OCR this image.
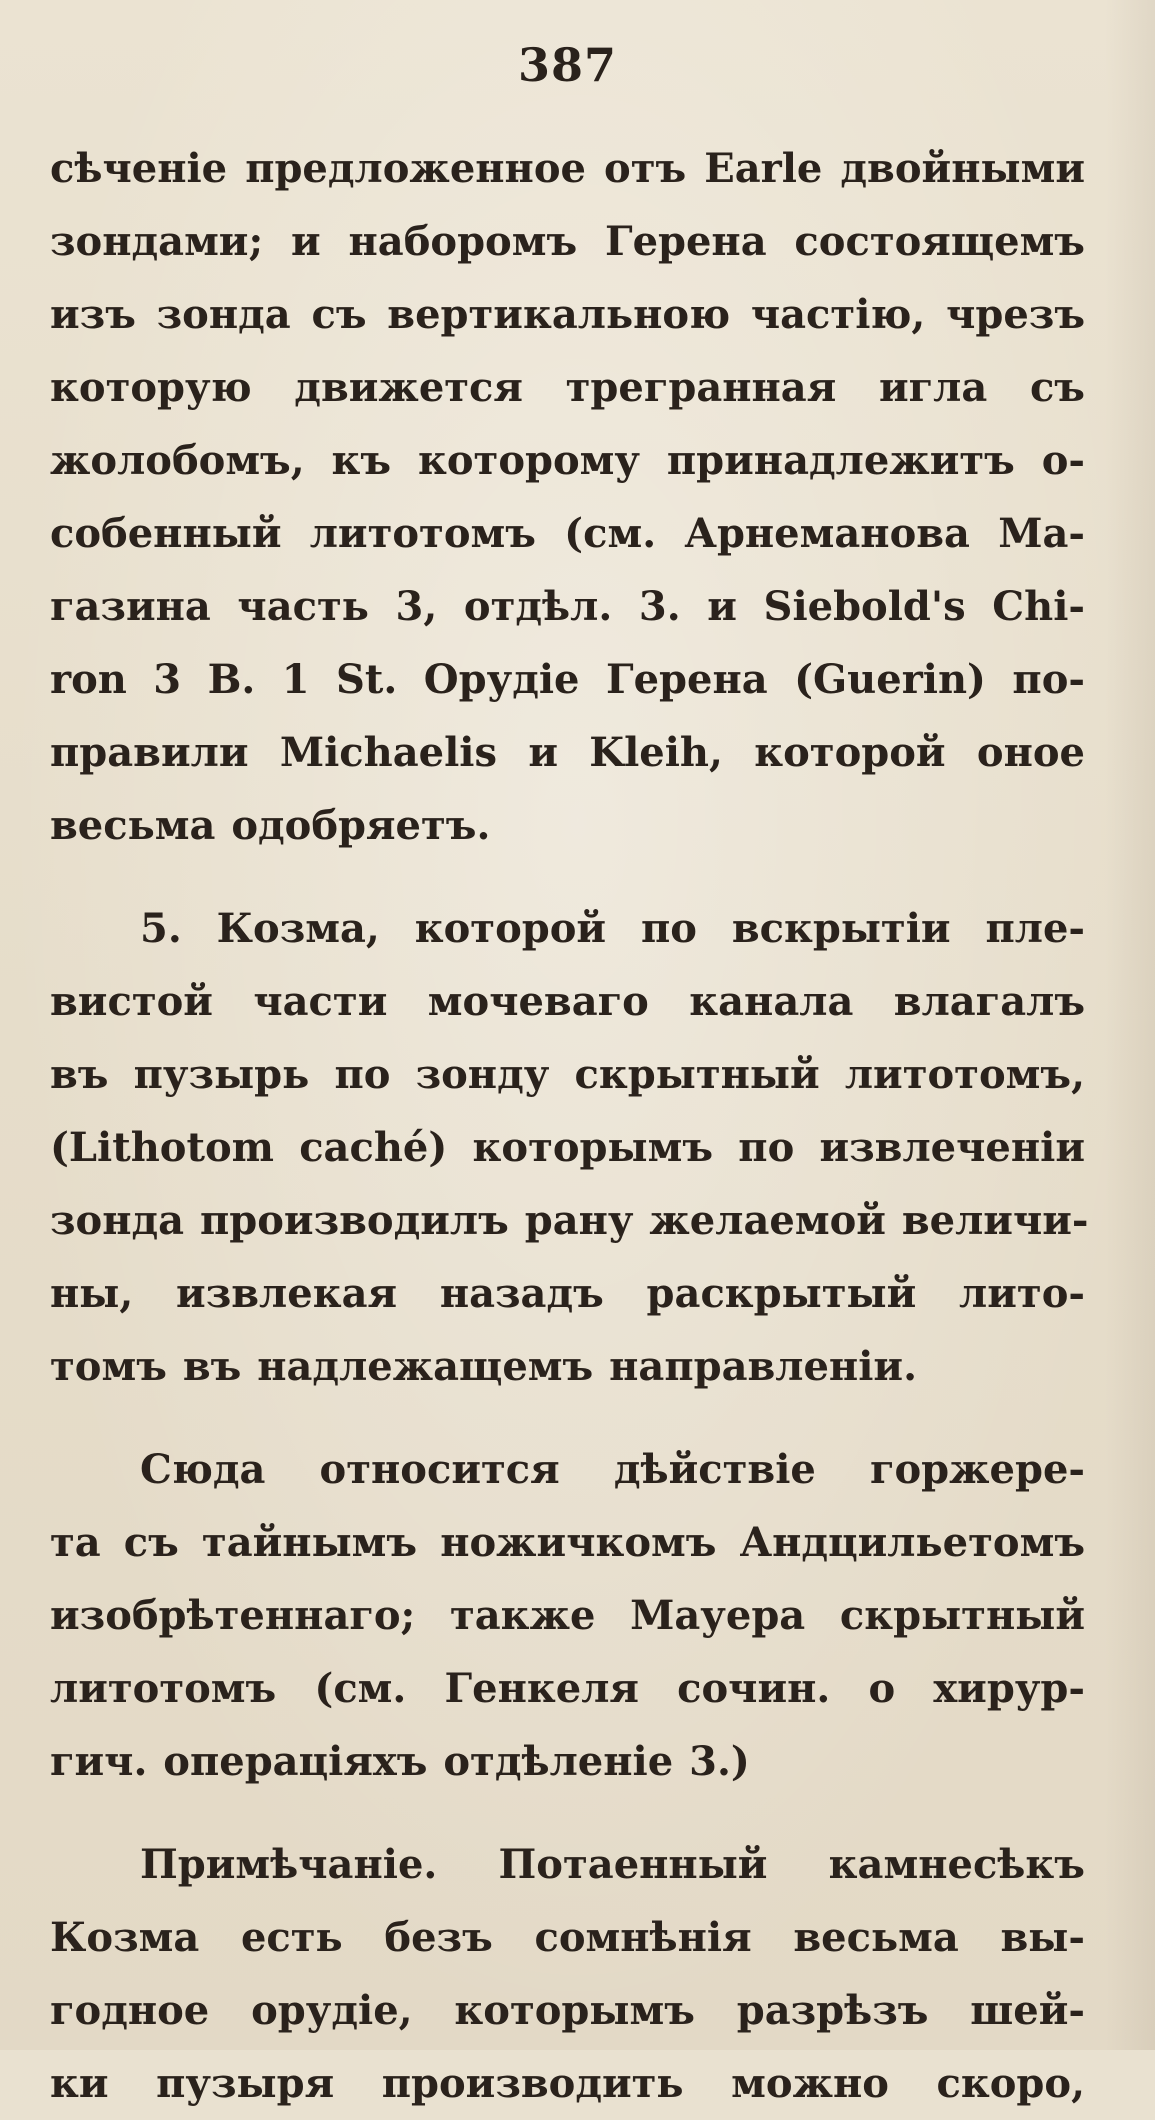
387
сѣченіе предложенное отъ Earle двойными
зондами; и наборомъ Герена состоящемъ
изъ зонда съ вертикальною частію, чрезъ
которую движется трегранная игла съ
жолобомъ, къ которому принадлежитъ о-
собенный литотомъ (см. Арнеманова Ма-
газина часть 3, отдѣл. 3. и Siebold's Chi-
ron 3 B. 1 St. Орудіе Герена (Guerin) по-
правили Michaelis и Kleih, которой оное
весьма одобряетъ.
5. Козма, которой по вскрытіи пле-
вистой части мочеваго канала влагалъ
въ пузырь по зонду скрытный литотомъ,
(Lithotom caché) которымъ по извлеченіи
зонда производилъ рану желаемой величи-
ны, извлекая назадъ раскрытый лито-
томъ въ надлежащемъ направленіи.
Сюда относится дѣйствіе горжере-
та съ тайнымъ ножичкомъ Андцильетомъ
изобрѣтеннаго; также Мауера скрытный
литотомъ (см. Генкеля сочин. о хирур-
гич. операціяхъ отдѣленіе 3.)
Примѣчаніе. Потаенный камнесѣкъ
Козма есть безъ сомнѣнія весьма вы-
годное орудіе, которымъ разрѣзъ шей-
ки пузыря производить можно скоро,
